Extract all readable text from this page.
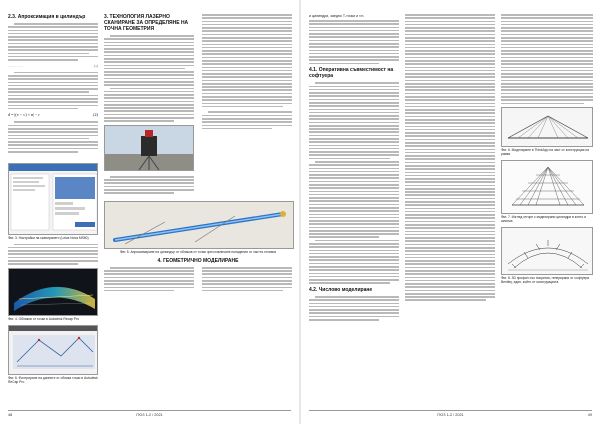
2.3. Апроксимация в цилиндър
. . . . . . . . .	(1)
d = |(v − c) × n| − r	(2)
Фиг. 3. Настройки на сканирането (Leica Nova MS60)
Фиг. 4. Облаков от точки в Autodesk Recap Pro
Фиг. 6. Филтриране на данните от облака точки в Autodesk ReCap Pro
3. ТЕХНОЛОГИЯ ЛАЗЕРНО СКАНИРАНЕ ЗА ОПРЕДЕЛЯНЕ НА ТОЧНА ГЕОМЕТРИЯ
Фиг. 5. Апроксимиране на цилиндър от облаков от точки чрез извличане попадения от частта стопани
4. ГЕОМЕТРИЧНО МОДЕЛИРАНЕ
48	ГЮЗ 1-2 / 2021
и цилиндри, заедно T-точки и т.н.
4.1. Оперативна съвместимост на софтуера
4.2. Числово моделиране
Фиг. 6. Моделиране в ThinkApp на част от конструкция на рамки
Фиг. 7. Изглед отгоре с моделирани цилиндри в конто и шпонка
Фиг. 8. 3D профил със покрития, генерирани от софтуера Bentley, един, който от конструкцията
ГЮЗ 1-2 / 2021	49
